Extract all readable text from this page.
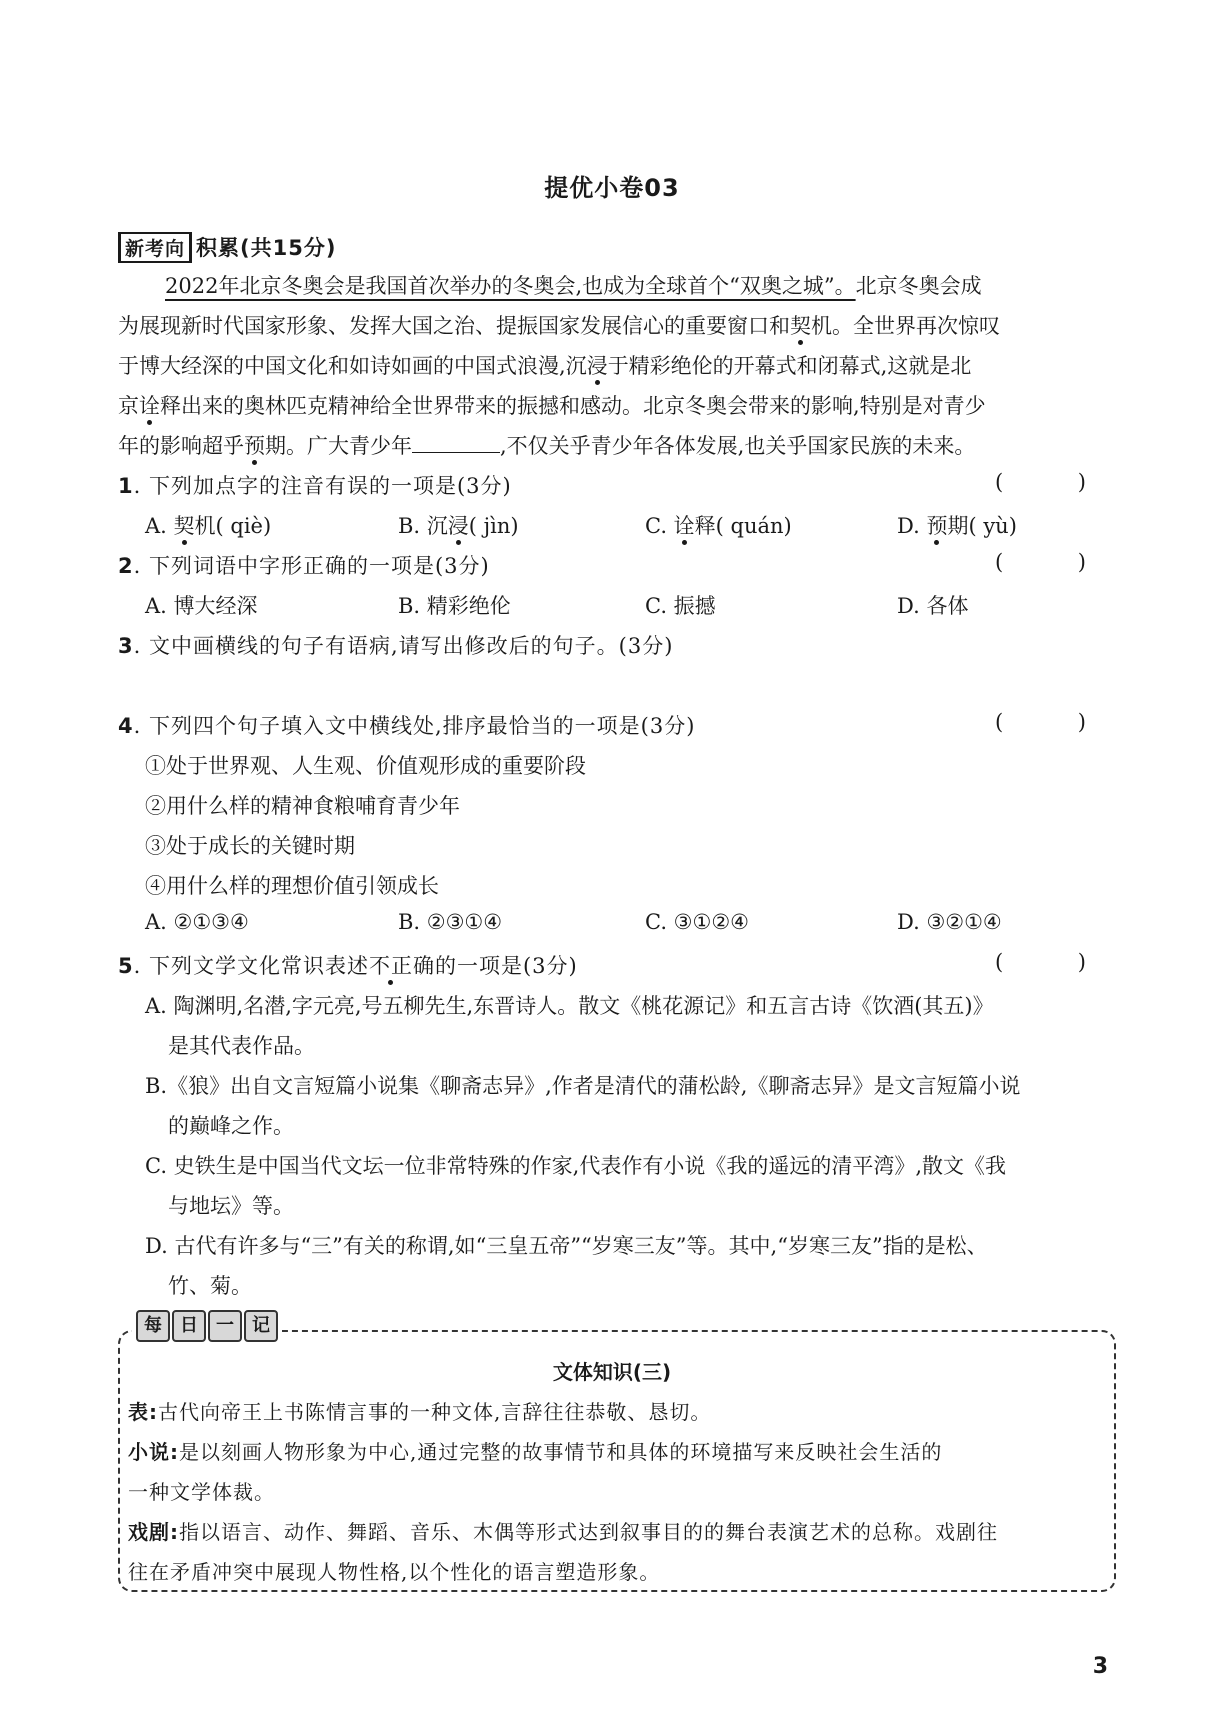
提优小卷03
新考向 积累(共15分)
2022年北京冬奥会是我国首次举办的冬奥会,也成为全球首个“双奥之城”。北京冬奥会成
为展现新时代国家形象、发挥大国之治、提振国家发展信心的重要窗口和契机。全世界再次惊叹
于博大经深的中国文化和如诗如画的中国式浪漫,沉浸于精彩绝伦的开幕式和闭幕式,这就是北
京诠释出来的奥林匹克精神给全世界带来的振撼和感动。北京冬奥会带来的影响,特别是对青少
年的影响超乎预期。广大青少年	,不仅关乎青少年各体发展,也关乎国家民族的未来。
1. 下列加点字的注音有误的一项是(3分)	( )
A. 契机( qiè)	B. 沉浸( jìn)	C. 诠释( quán)	D. 预期( yù)
2. 下列词语中字形正确的一项是(3分)	( )
A. 博大经深	B. 精彩绝伦	C. 振撼	D. 各体
3. 文中画横线的句子有语病,请写出修改后的句子。(3分)
4. 下列四个句子填入文中横线处,排序最恰当的一项是(3分)	( )
①处于世界观、人生观、价值观形成的重要阶段
②用什么样的精神食粮哺育青少年
③处于成长的关键时期
④用什么样的理想价值引领成长
A. ②①③④	B. ②③①④	C. ③①②④	D. ③②①④
5. 下列文学文化常识表述不正确的一项是(3分)	( )
A. 陶渊明,名潜,字元亮,号五柳先生,东晋诗人。散文《桃花源记》和五言古诗《饮酒(其五)》
是其代表作品。
B.《狼》出自文言短篇小说集《聊斋志异》,作者是清代的蒲松龄,《聊斋志异》是文言短篇小说
的巅峰之作。
C. 史铁生是中国当代文坛一位非常特殊的作家,代表作有小说《我的遥远的清平湾》,散文《我
与地坛》等。
D. 古代有许多与“三”有关的称谓,如“三皇五帝”“岁寒三友”等。其中,“岁寒三友”指的是松、
竹、菊。
每	日	一	记
文体知识(三)
表:古代向帝王上书陈情言事的一种文体,言辞往往恭敬、恳切。
小说:是以刻画人物形象为中心,通过完整的故事情节和具体的环境描写来反映社会生活的
一种文学体裁。
戏剧:指以语言、动作、舞蹈、音乐、木偶等形式达到叙事目的的舞台表演艺术的总称。戏剧往
往在矛盾冲突中展现人物性格,以个性化的语言塑造形象。
3
